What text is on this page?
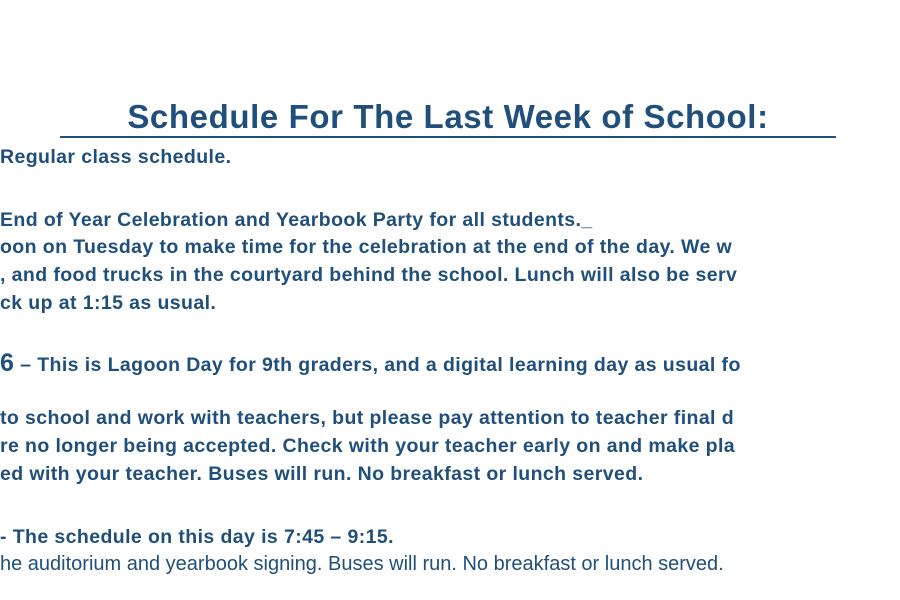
Schedule For The Last Week of School:
Regular class schedule.
End of Year Celebration and Yearbook Party for all students._
oon on Tuesday to make time for the celebration at the end of the day. We w
, and food trucks in the courtyard behind the school. Lunch will also be serv
ck up at 1:15 as usual.
6 – This is Lagoon Day for 9th graders, and a digital learning day as usual fo
to school and work with teachers, but please pay attention to teacher final d
re no longer being accepted. Check with your teacher early on and make pla
ed with your teacher. Buses will run. No breakfast or lunch served.
- The schedule on this day is 7:45 – 9:15.
he auditorium and yearbook signing. Buses will run. No breakfast or lunch served.
